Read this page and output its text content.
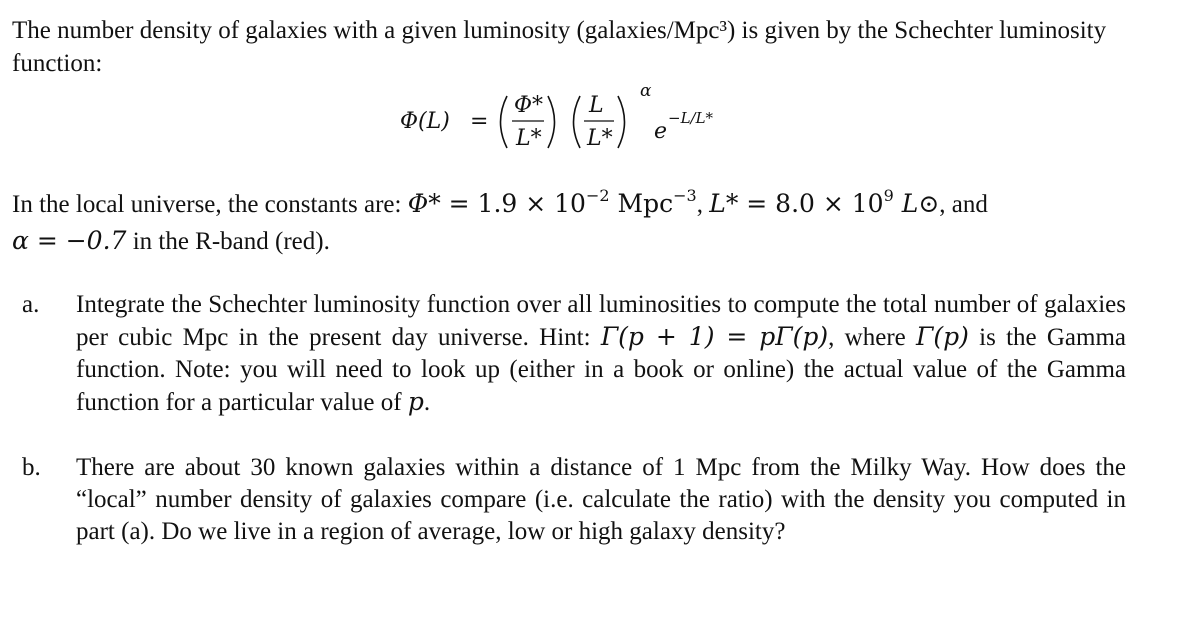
The number density of galaxies with a given luminosity (galaxies/Mpc³) is given by the Schechter luminosity function:
Φ (L) =
Φ*
L*
L
L*
α
e
−L/L*
In the local universe, the constants are: $\Phi* = 1.9 \times 10^{-2}$ Mpc$^{-3}$, $L* = 8.0 \times 10^9$ L⊙, and
α = −0.7 in the R-band (red).
a.	Integrate the Schechter luminosity function over all luminosities to compute the total number of galaxies per cubic Mpc in the present day universe. Hint: Γ(p + 1) = pΓ(p), where Γ(p) is the Gamma function. Note: you will need to look up (either in a book or online) the actual value of the Gamma function for a particular value of p.
b.	There are about 30 known galaxies within a distance of 1 Mpc from the Milky Way. How does the “local” number density of galaxies compare (i.e. calculate the ratio) with the density you computed in part (a). Do we live in a region of average, low or high galaxy density?
